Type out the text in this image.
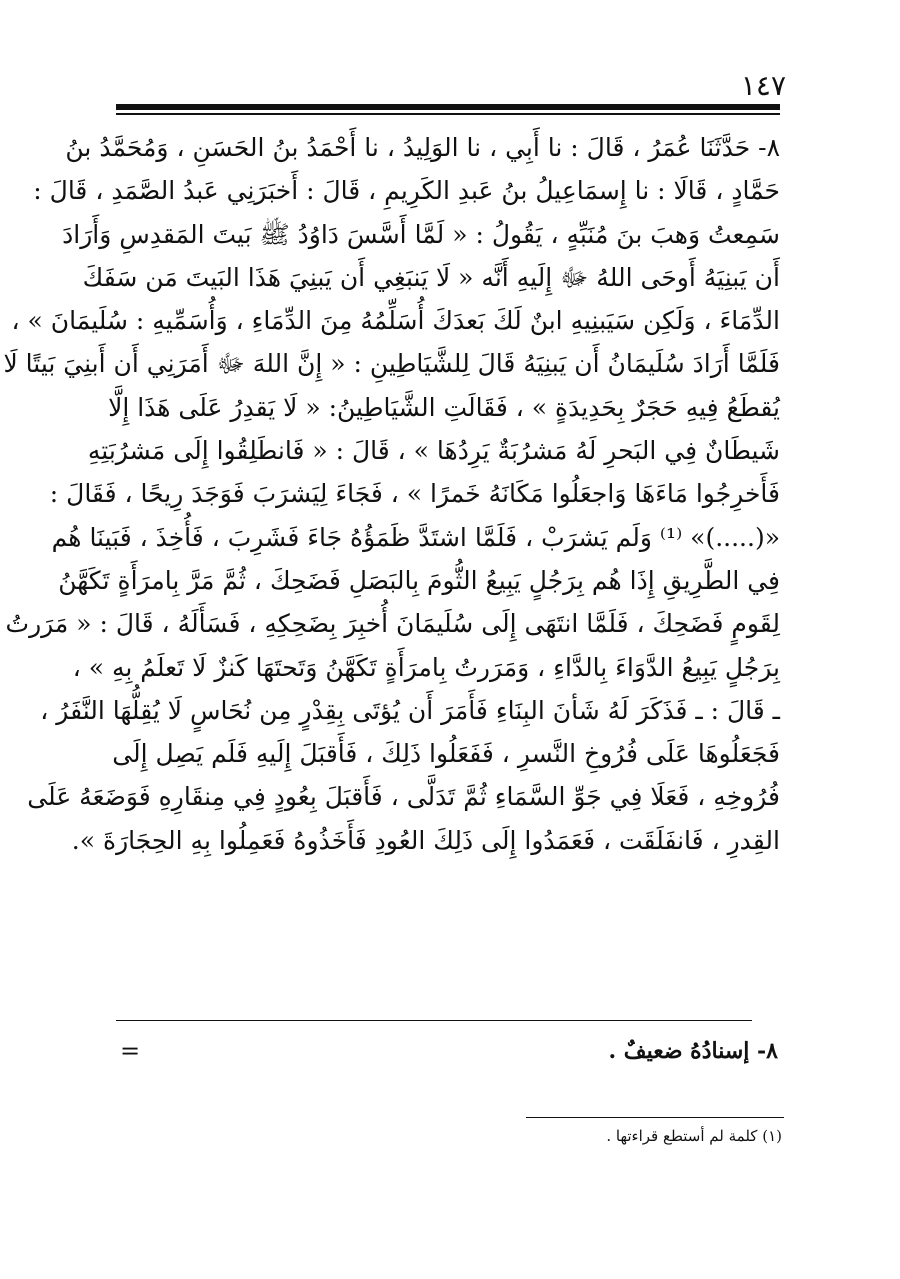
١٤٧
٨- حَدَّثَنَا عُمَرُ ، قَالَ : نا أَبِي ، نا الوَلِيدُ ، نا أَحْمَدُ بنُ الحَسَنِ ، وَمُحَمَّدُ بنُ
حَمَّادٍ ، قَالَا : نا إِسمَاعِيلُ بنُ عَبدِ الكَرِيمِ ، قَالَ : أَخبَرَنِي عَبدُ الصَّمَدِ ، قَالَ :
سَمِعتُ وَهبَ بنَ مُنَبِّهٍ ، يَقُولُ : « لَمَّا أَسَّسَ دَاوُدُ ﷺ بَيتَ المَقدِسِ وَأَرَادَ
أَن يَبنِيَهُ أَوحَى اللهُ ﷻ إِلَيهِ أَنَّه « لَا يَنبَغِي أَن يَبنِيَ هَذَا البَيتَ مَن سَفَكَ
الدِّمَاءَ ، وَلَكِن سَيَبنِيهِ ابنٌ لَكَ بَعدَكَ أُسَلِّمُهُ مِنَ الدِّمَاءِ ، وَأُسَمِّيهِ : سُلَيمَانَ » ،
فَلَمَّا أَرَادَ سُلَيمَانُ أَن يَبنِيَهُ قَالَ لِلشَّيَاطِينِ : « إِنَّ اللهَ ﷻ أَمَرَنِي أَن أَبنِيَ بَيتًا لَا
يُقطَعُ فِيهِ حَجَرٌ بِحَدِيدَةٍ » ، فَقَالَتِ الشَّيَاطِينُ: « لَا يَقدِرُ عَلَى هَذَا إِلَّا
شَيطَانٌ فِي البَحرِ لَهُ مَشرُبَةٌ يَرِدُهَا » ، قَالَ : « فَانطَلِقُوا إِلَى مَشرُبَتِهِ
فَأَخرِجُوا مَاءَهَا وَاجعَلُوا مَكَانَهُ خَمرًا » ، فَجَاءَ لِيَشرَبَ فَوَجَدَ رِيحًا ، فَقَالَ :
«(.....)» ⁽¹⁾ وَلَم يَشرَبْ ، فَلَمَّا اشتَدَّ ظَمَؤُهُ جَاءَ فَشَرِبَ ، فَأُخِذَ ، فَبَينَا هُم
فِي الطَّرِيقِ إِذَا هُم بِرَجُلٍ يَبِيعُ الثُّومَ بِالبَصَلِ فَضَحِكَ ، ثُمَّ مَرَّ بِامرَأَةٍ تَكَهَّنُ
لِقَومٍ فَضَحِكَ ، فَلَمَّا انتَهَى إِلَى سُلَيمَانَ أُخبِرَ بِضَحِكِهِ ، فَسَأَلَهُ ، قَالَ : « مَرَرتُ
بِرَجُلٍ يَبِيعُ الدَّوَاءَ بِالدَّاءِ ، وَمَرَرتُ بِامرَأَةٍ تَكَهَّنُ وَتَحتَهَا كَنزٌ لَا تَعلَمُ بِهِ » ،
ـ قَالَ : ـ فَذَكَرَ لَهُ شَأنَ البِنَاءِ فَأَمَرَ أَن يُؤتَى بِقِدْرٍ مِن نُحَاسٍ لَا يُقِلُّهَا النَّفَرُ ،
فَجَعَلُوهَا عَلَى فُرُوخِ النَّسرِ ، فَفَعَلُوا ذَلِكَ ، فَأَقبَلَ إِلَيهِ فَلَم يَصِل إِلَى
فُرُوخِهِ ، فَعَلَا فِي جَوِّ السَّمَاءِ ثُمَّ تَدَلَّى ، فَأَقبَلَ بِعُودٍ فِي مِنقَارِهِ فَوَضَعَهُ عَلَى
القِدرِ ، فَانفَلَقَت ، فَعَمَدُوا إِلَى ذَلِكَ العُودِ فَأَخَذُوهُ فَعَمِلُوا بِهِ الحِجَارَةَ ».
٨- إسنادُهُ ضعيفٌ .
=
(١) كلمة لم أستطع قراءتها .
